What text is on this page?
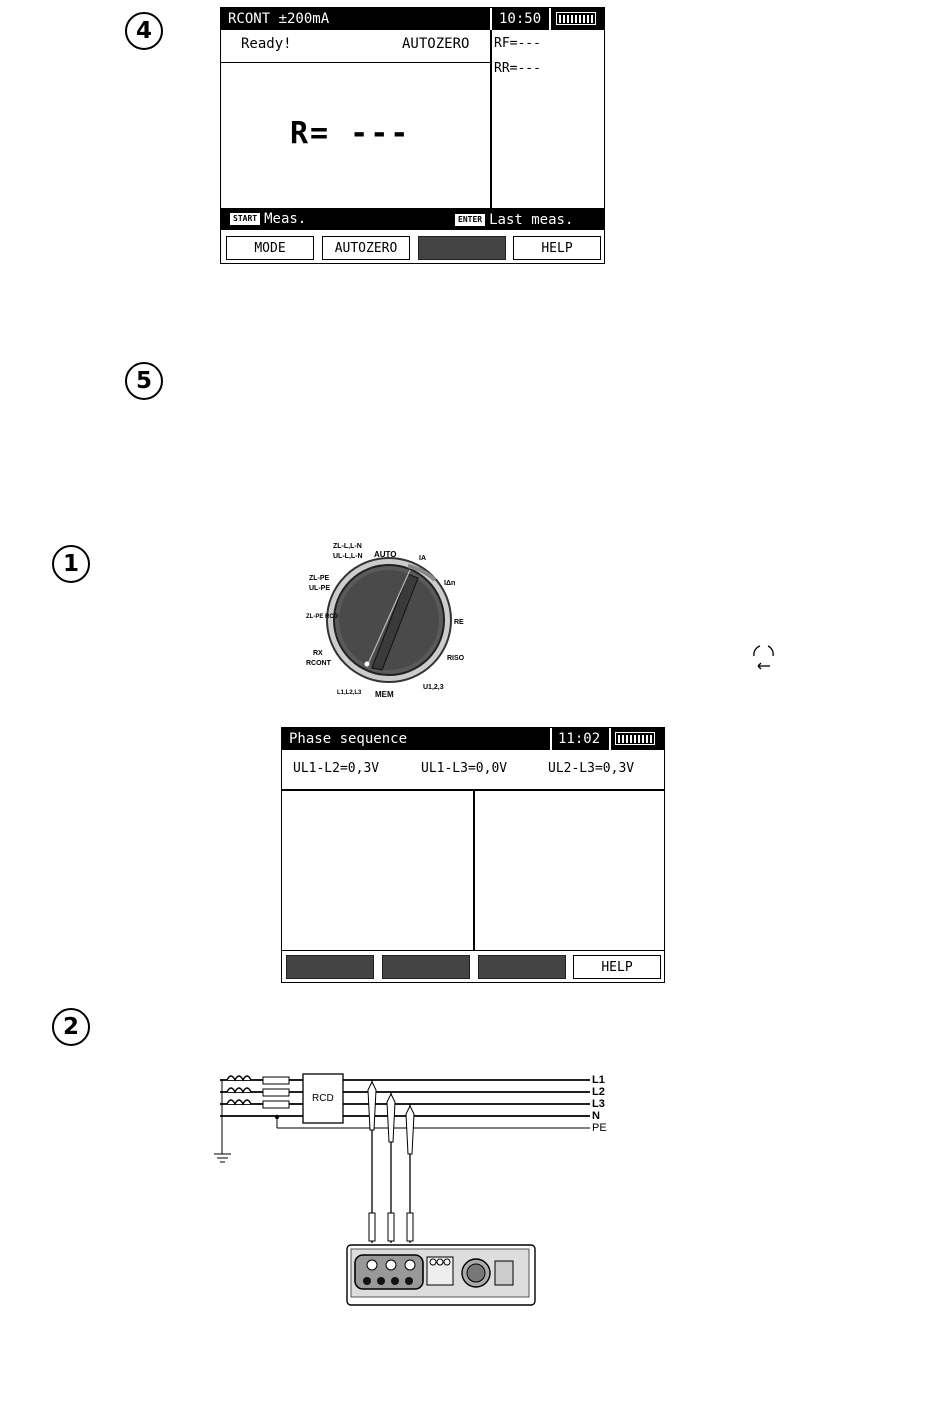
4
5
1
2
RCONT ±200mA	10:50
Ready!	AUTOZERO RF=---
RR=---
R= ---
START Meas.	ENTER Last meas.
MODE	AUTOZERO	HELP
ZL-L,L-N
UL-L,L-N AUTO	IA
IΔn
RE
RISO
U1,2,3
MEM
L1,L2,L3
RX
RCONT
ZL-PE RCD
ZL-PE
UL-PE
Phase sequence	11:02
UL1-L2=0,3V	UL1-L3=0,0V	UL2-L3=0,3V
HELP
RCD
L1
L2
L3
N
PE
